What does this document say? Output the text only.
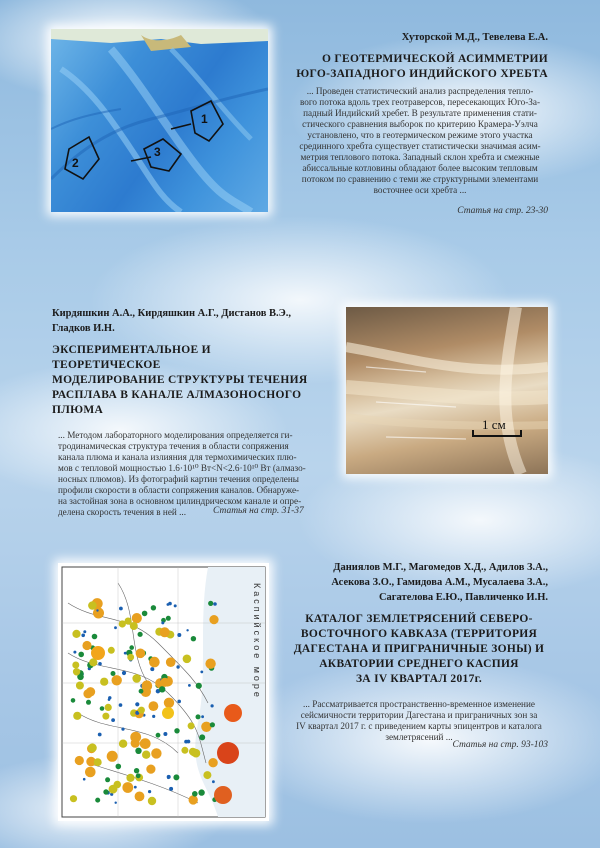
1
2
3
Хуторской М.Д., Тевелева Е.А.
О ГЕОТЕРМИЧЕСКОЙ АСИММЕТРИИ
ЮГО-ЗАПАДНОГО ИНДИЙСКОГО ХРЕБТА
... Проведен статистический анализ распределения тепло-
вого потока вдоль трех геотраверсов, пересекающих Юго-За-
падный Индийский хребет. В результате применения стати-
стического сравнения выборок по критерию Крамера-Уэлча
установлено, что в геотермическом режиме этого участка
срединного хребта существует статистически значимая асим-
метрия теплового потока. Западный склон хребта и смежные
абиссальные котловины обладают более высоким тепловым
потоком по сравнению с теми же структурными элементами
восточнее оси хребта ...
Статья на стр. 23-30
Кирдяшкин А.А., Кирдяшкин А.Г., Дистанов В.Э.,
Гладков И.Н.
ЭКСПЕРИМЕНТАЛЬНОЕ И ТЕОРЕТИЧЕСКОЕ
МОДЕЛИРОВАНИЕ СТРУКТУРЫ ТЕЧЕНИЯ
РАСПЛАВА В КАНАЛЕ АЛМАЗОНОСНОГО
ПЛЮМА
... Методом лабораторного моделирования определяется ги-
тродинамическая структура течения в области сопряжения
канала плюма и канала излияния для термохимических плю-
мов с тепловой мощностью 1.6·10¹⁰ Вт<N<2.6·10¹⁰ Вт (алмазо-
носных плюмов). Из фотографий картин течения определены
профили скорости в области сопряжения каналов. Обнаруже-
на застойная зона в основном цилиндрическом канале и опре-
делена скорость течения в ней ...	Статья на стр. 31-37
1 см
Каспийское море
Даниялов М.Г., Магомедов Х.Д., Адилов З.А.,
Асекова З.О., Гамидова А.М., Мусалаева З.А.,
Сагателова Е.Ю., Павличенко И.Н.
КАТАЛОГ ЗЕМЛЕТРЯСЕНИЙ СЕВЕРО-
ВОСТОЧНОГО КАВКАЗА (ТЕРРИТОРИЯ
ДАГЕСТАНА И ПРИГРАНИЧНЫЕ ЗОНЫ) И
АКВАТОРИИ СРЕДНЕГО КАСПИЯ
ЗА IV КВАРТАЛ 2017г.
... Рассматривается пространственно-временное изменение
сейсмичности территории Дагестана и приграничных зон за
IV квартал 2017 г. с приведением карты эпицентров и каталога
землетрясений ...
Статья на стр. 93-103
